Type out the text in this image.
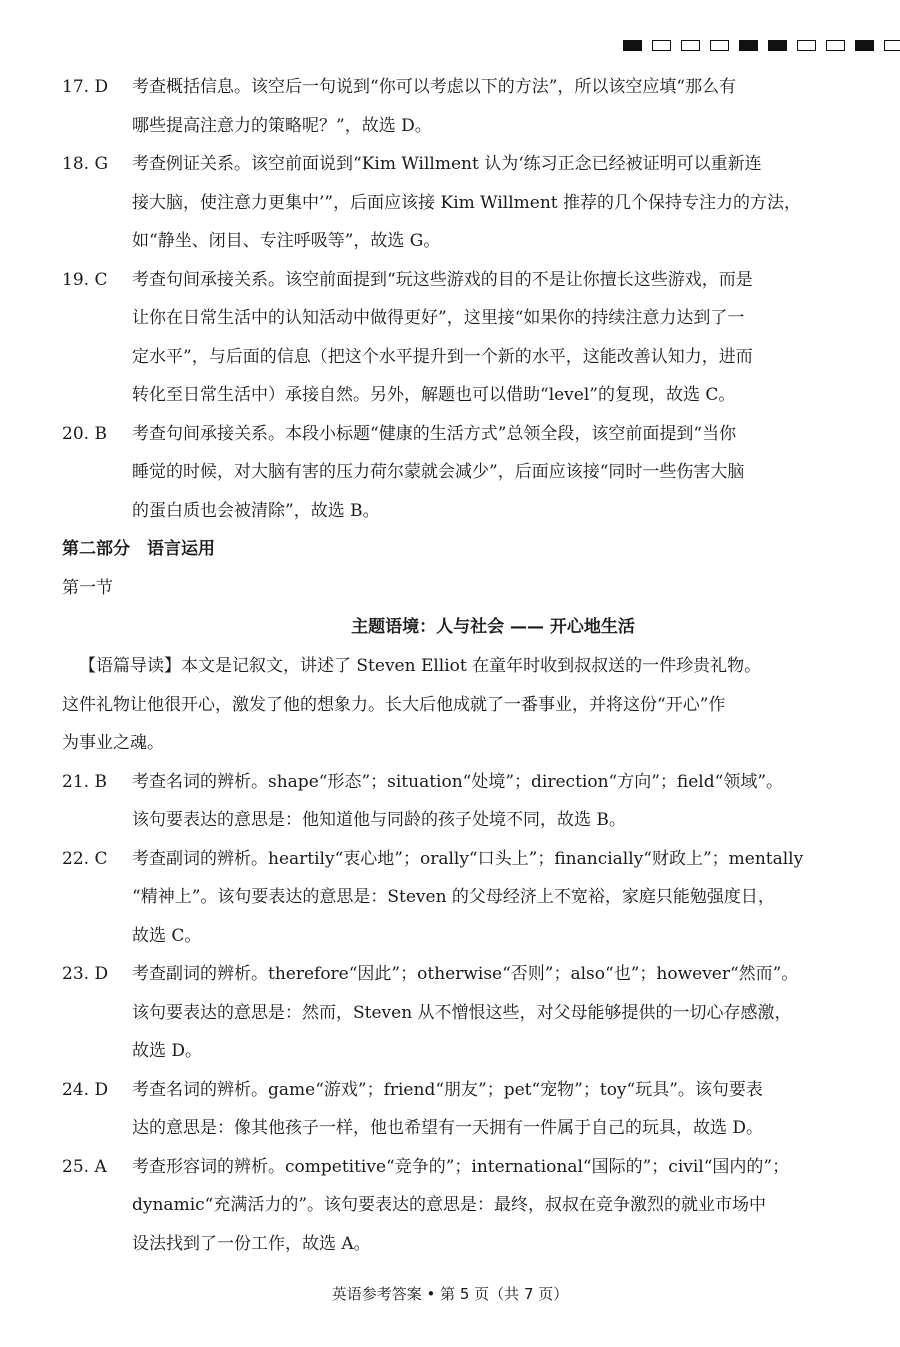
17. D	考查概括信息。该空后一句说到“你可以考虑以下的方法”，所以该空应填“那么有
哪些提高注意力的策略呢？”，故选 D。
18. G	考查例证关系。该空前面说到“Kim Willment 认为‘练习正念已经被证明可以重新连
接大脑，使注意力更集中’”，后面应该接 Kim Willment 推荐的几个保持专注力的方法，
如“静坐、闭目、专注呼吸等”，故选 G。
19. C	考查句间承接关系。该空前面提到“玩这些游戏的目的不是让你擅长这些游戏，而是
让你在日常生活中的认知活动中做得更好”，这里接“如果你的持续注意力达到了一
定水平”，与后面的信息（把这个水平提升到一个新的水平，这能改善认知力，进而
转化至日常生活中）承接自然。另外，解题也可以借助“level”的复现，故选 C。
20. B	考查句间承接关系。本段小标题“健康的生活方式”总领全段，该空前面提到“当你
睡觉的时候，对大脑有害的压力荷尔蒙就会减少”，后面应该接“同时一些伤害大脑
的蛋白质也会被清除”，故选 B。
第二部分　语言运用
第一节
主题语境：人与社会 —— 开心地生活
【语篇导读】本文是记叙文，讲述了 Steven Elliot 在童年时收到叔叔送的一件珍贵礼物。
这件礼物让他很开心，激发了他的想象力。长大后他成就了一番事业，并将这份“开心”作
为事业之魂。
21. B	考查名词的辨析。shape“形态”；situation“处境”；direction“方向”；field“领域”。
该句要表达的意思是：他知道他与同龄的孩子处境不同，故选 B。
22. C	考查副词的辨析。heartily“衷心地”；orally“口头上”；financially“财政上”；mentally
“精神上”。该句要表达的意思是：Steven 的父母经济上不宽裕，家庭只能勉强度日，
故选 C。
23. D	考查副词的辨析。therefore“因此”；otherwise“否则”；also“也”；however“然而”。
该句要表达的意思是：然而，Steven 从不憎恨这些，对父母能够提供的一切心存感激，
故选 D。
24. D	考查名词的辨析。game“游戏”；friend“朋友”；pet“宠物”；toy“玩具”。该句要表
达的意思是：像其他孩子一样，他也希望有一天拥有一件属于自己的玩具，故选 D。
25. A	考查形容词的辨析。competitive“竞争的”；international“国际的”；civil“国内的”；
dynamic“充满活力的”。该句要表达的意思是：最终，叔叔在竞争激烈的就业市场中
设法找到了一份工作，故选 A。
英语参考答案 • 第 5 页（共 7 页）
